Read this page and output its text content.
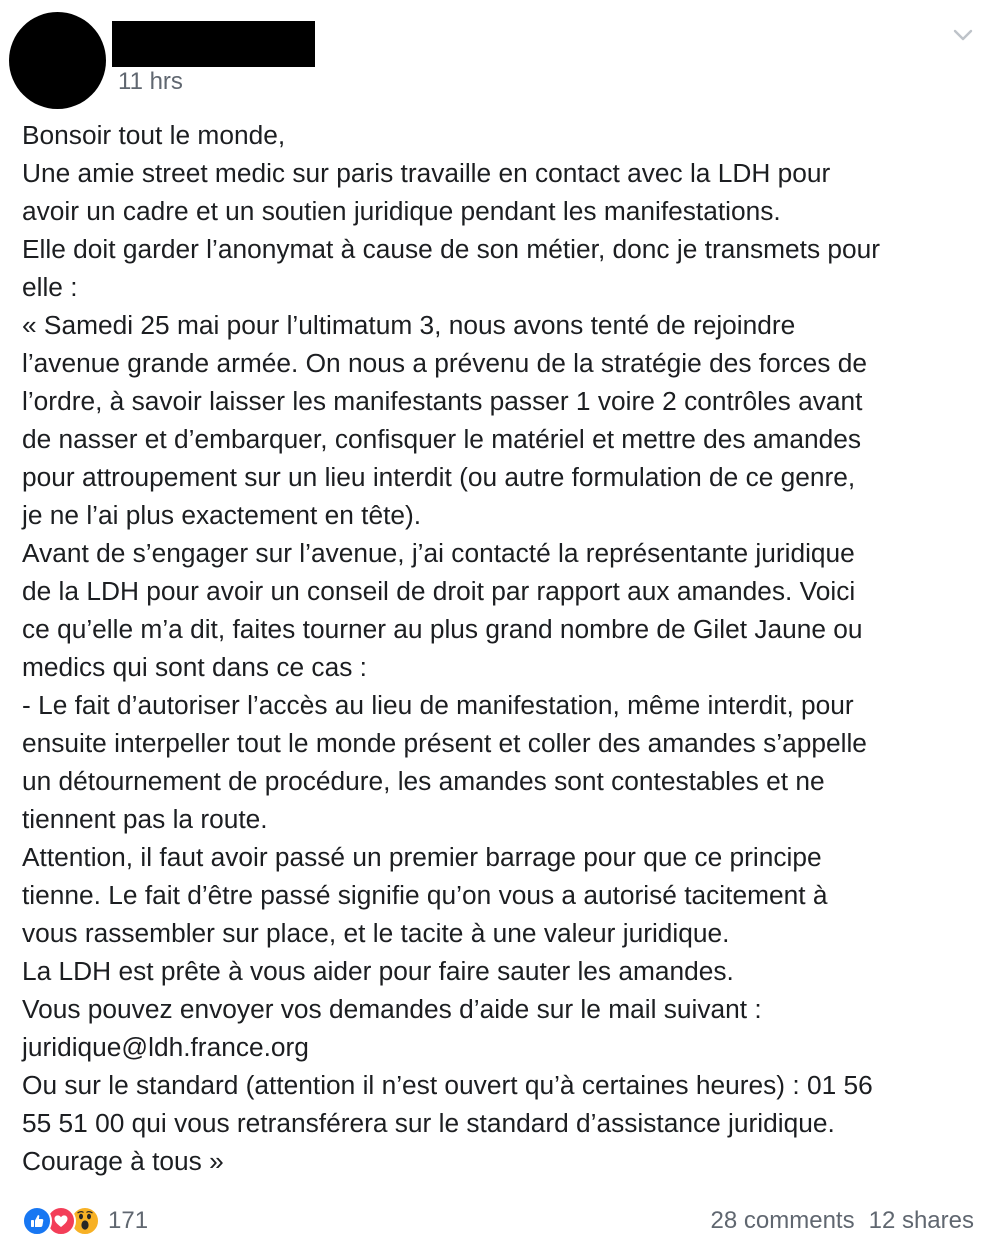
11 hrs
Bonsoir tout le monde,
Une amie street medic sur paris travaille en contact avec la LDH pour
avoir un cadre et un soutien juridique pendant les manifestations.
Elle doit garder l’anonymat à cause de son métier, donc je transmets pour
elle :
« Samedi 25 mai pour l’ultimatum 3, nous avons tenté de rejoindre
l’avenue grande armée. On nous a prévenu de la stratégie des forces de
l’ordre, à savoir laisser les manifestants passer 1 voire 2 contrôles avant
de nasser et d’embarquer, confisquer le matériel et mettre des amandes
pour attroupement sur un lieu interdit (ou autre formulation de ce genre,
je ne l’ai plus exactement en tête).
Avant de s’engager sur l’avenue, j’ai contacté la représentante juridique
de la LDH pour avoir un conseil de droit par rapport aux amandes. Voici
ce qu’elle m’a dit, faites tourner au plus grand nombre de Gilet Jaune ou
medics qui sont dans ce cas :
- Le fait d’autoriser l’accès au lieu de manifestation, même interdit, pour
ensuite interpeller tout le monde présent et coller des amandes s’appelle
un détournement de procédure, les amandes sont contestables et ne
tiennent pas la route.
Attention, il faut avoir passé un premier barrage pour que ce principe
tienne. Le fait d’être passé signifie qu’on vous a autorisé tacitement à
vous rassembler sur place, et le tacite à une valeur juridique.
La LDH est prête à vous aider pour faire sauter les amandes.
Vous pouvez envoyer vos demandes d’aide sur le mail suivant :
juridique@ldh.france.org
Ou sur le standard (attention il n’est ouvert qu’à certaines heures) : 01 56
55 51 00 qui vous retransférera sur le standard d’assistance juridique.
Courage à tous »
171	28 comments 12 shares
